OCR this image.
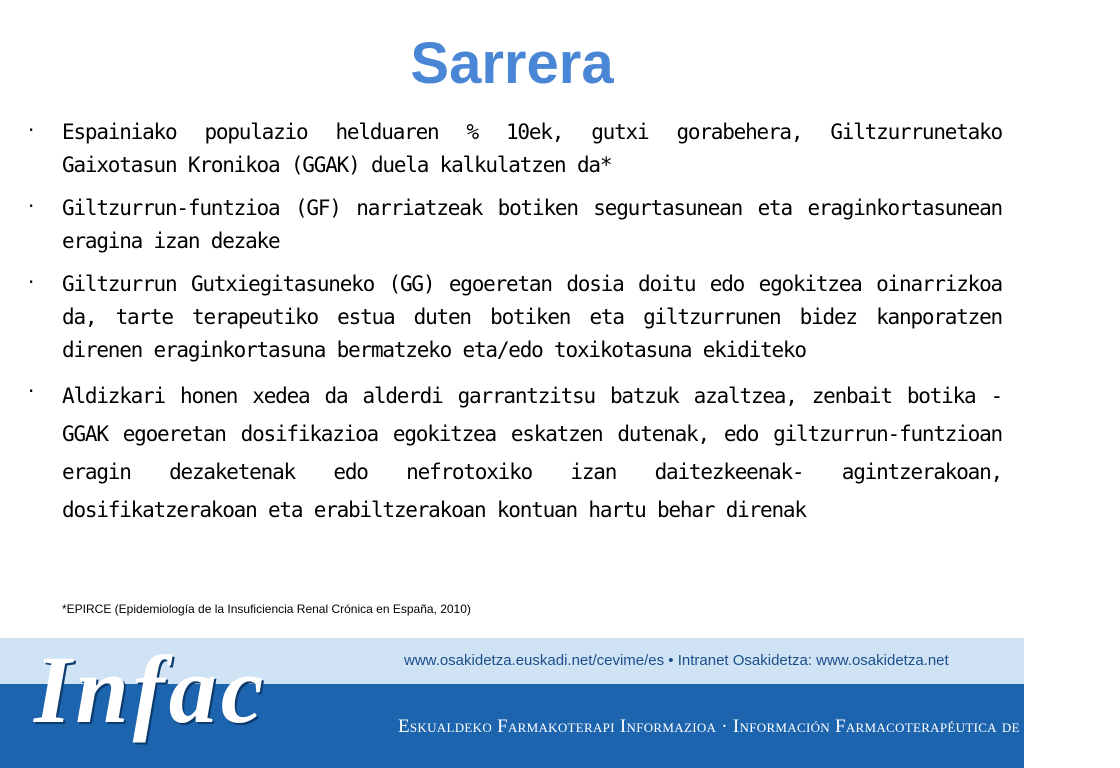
Sarrera
· Espainiako populazio helduaren % 10ek, gutxi gorabehera, Giltzurrunetako Gaixotasun Kronikoa (GGAK) duela kalkulatzen da*
· Giltzurrun-funtzioa (GF) narriatzeak botiken segurtasunean eta eraginkortasunean eragina izan dezake
· Giltzurrun Gutxiegitasuneko (GG) egoeretan dosia doitu edo egokitzea oinarrizkoa da, tarte terapeutiko estua duten botiken eta giltzurrunen bidez kanporatzen direnen eraginkortasuna bermatzeko eta/edo toxikotasuna ekiditeko
· Aldizkari honen xedea da alderdi garrantzitsu batzuk azaltzea, zenbait botika -GGAK egoeretan dosifikazioa egokitzea eskatzen dutenak, edo giltzurrun-funtzioan eragin dezaketenak edo nefrotoxiko izan daitezkeenak- agintzerakoan, dosifikatzerakoan eta erabiltzerakoan kontuan hartu behar direnak
*EPIRCE (Epidemiología de la Insuficiencia Renal Crónica en España, 2010)
www.osakidetza.euskadi.net/cevime/es • Intranet Osakidetza: www.osakidetza.net
Infac	Eskualdeko Farmakoterapi Informazioa · Información Farmacoterapéutica de la Comarca
